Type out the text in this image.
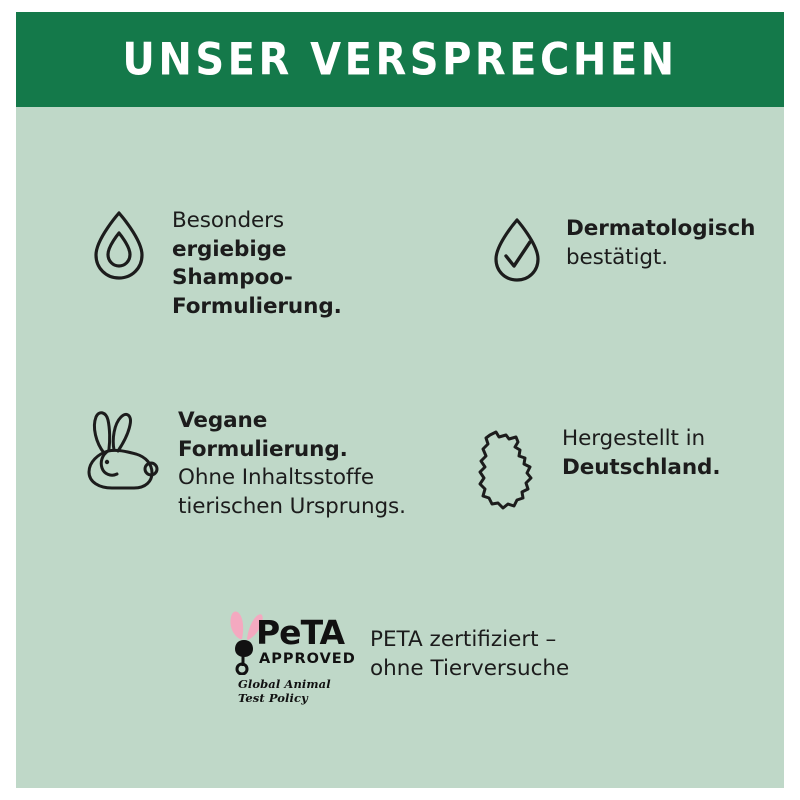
UNSER VERSPRECHEN
Besonders
ergiebige Shampoo-
Formulierung.
Dermatologisch
bestätigt.
Vegane Formulierung.
Ohne Inhaltsstoffe
tierischen Ursprungs.
Hergestellt in
Deutschland.
PeTA
APPROVED
Global Animal Test Policy
PETA zertifiziert –
ohne Tierversuche
